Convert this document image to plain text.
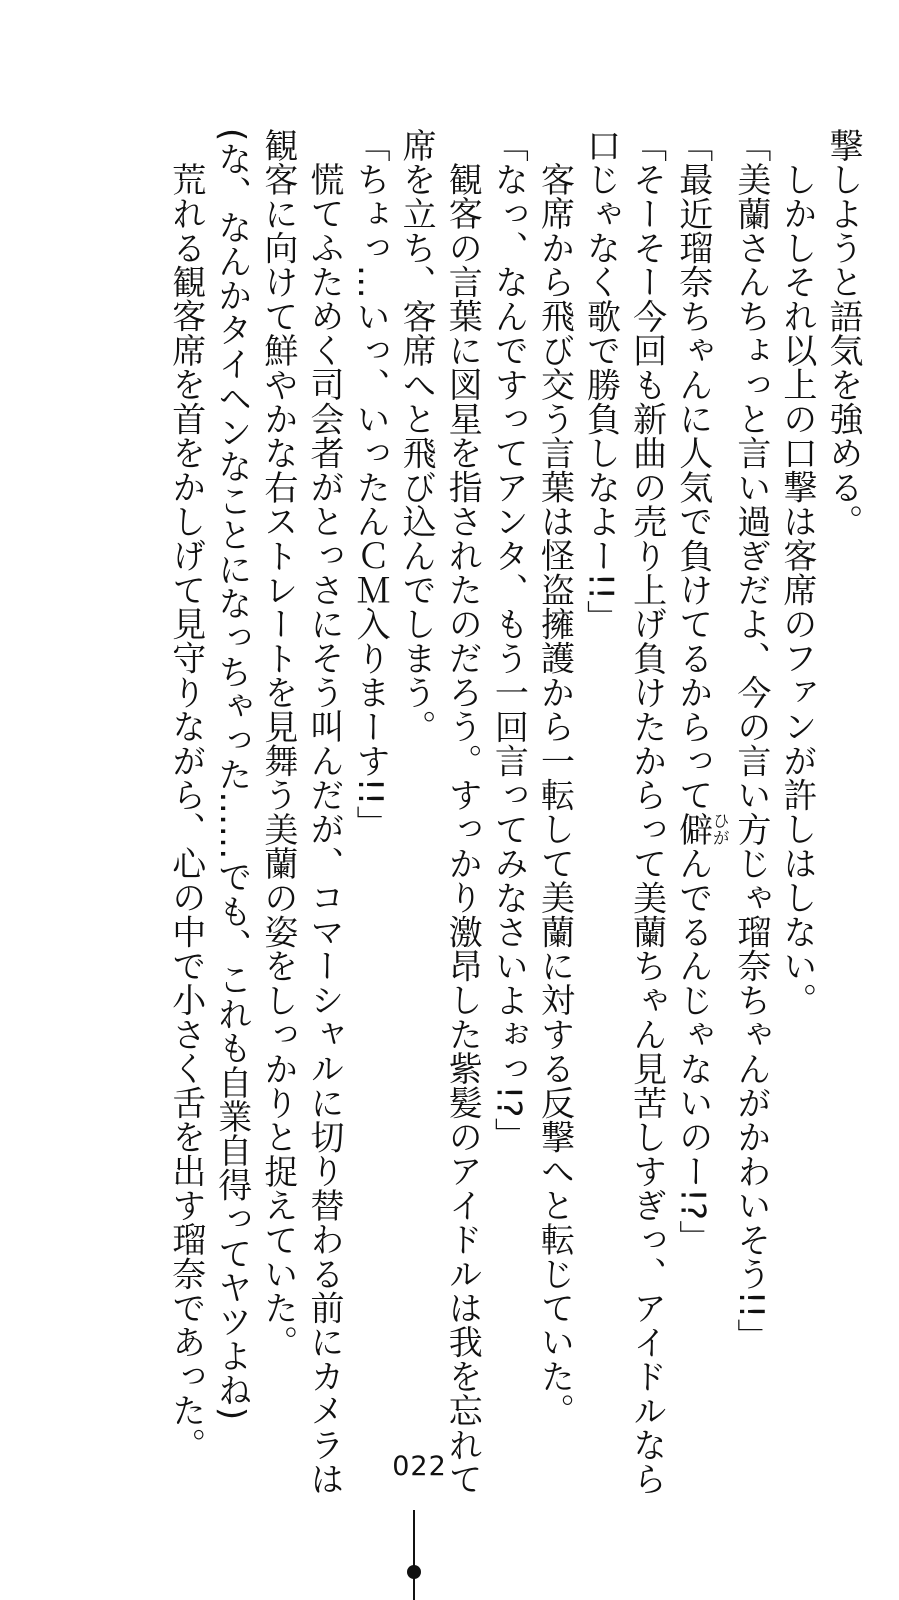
撃しようと語気を強める。
しかしそれ以上の口撃は客席のファンが許しはしない。
「美蘭さんちょっと言い過ぎだよ、今の言い方じゃ瑠奈ちゃんがかわいそう!!」
「最近瑠奈ちゃんに人気で負けてるからって僻ひがんでるんじゃないのー!?」
「そーそー今回も新曲の売り上げ負けたからって美蘭ちゃん見苦しすぎっ、アイドルなら
口じゃなく歌で勝負しなよー!!」
客席から飛び交う言葉は怪盗擁護から一転して美蘭に対する反撃へと転じていた。
「なっ、なんですってアンタ、もう一回言ってみなさいよぉっ!?」
観客の言葉に図星を指されたのだろう。すっかり激昂した紫髪のアイドルは我を忘れて
席を立ち、客席へと飛び込んでしまう。
「ちょっ…いっ、いったんＣＭ入りまーす!!」
慌てふためく司会者がとっさにそう叫んだが、コマーシャルに切り替わる前にカメラは
観客に向けて鮮やかな右ストレートを見舞う美蘭の姿をしっかりと捉えていた。
(な、なんかタイヘンなことになっちゃった……でも、これも自業自得ってヤツよね)
荒れる観客席を首をかしげて見守りながら、心の中で小さく舌を出す瑠奈であった。
022
